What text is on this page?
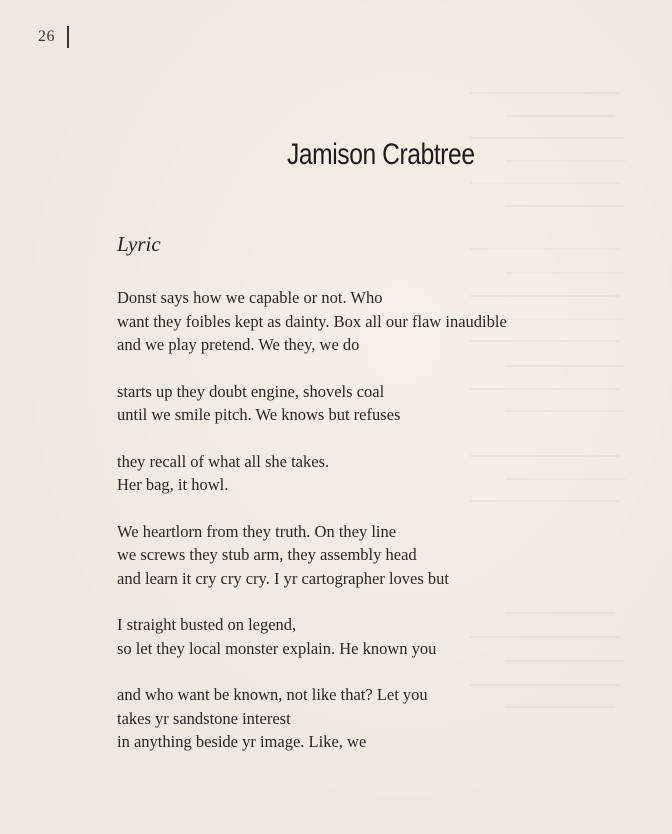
26
Jamison Crabtree
Lyric
Donst says how we capable or not. Who
want they foibles kept as dainty. Box all our flaw inaudible
and we play pretend. We they, we do
starts up they doubt engine, shovels coal
until we smile pitch. We knows but refuses
they recall of what all she takes.
Her bag, it howl.
We heartlorn from they truth. On they line
we screws they stub arm, they assembly head
and learn it cry cry cry. I yr cartographer loves but
I straight busted on legend,
so let they local monster explain. He known you
and who want be known, not like that? Let you
takes yr sandstone interest
in anything beside yr image. Like, we
